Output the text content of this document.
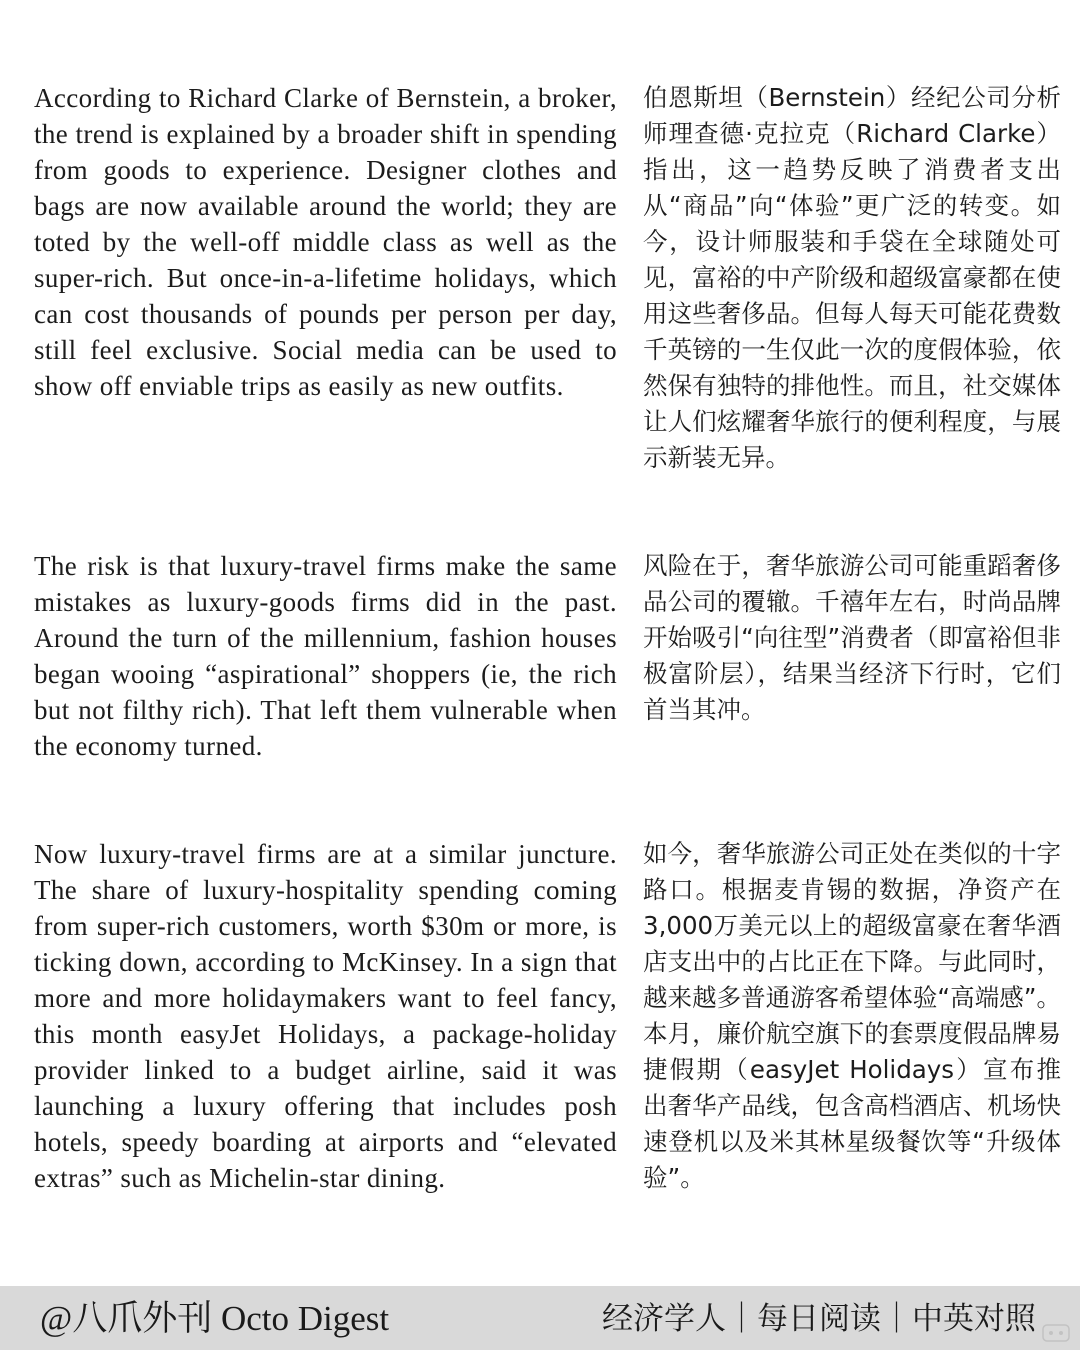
According to Richard Clarke of Bernstein, a broker, the trend is explained by a broader shift in spending from goods to experience. Designer clothes and bags are now available around the world; they are toted by the well-off middle class as well as the super-rich. But once-in-a-lifetime holidays, which can cost thousands of pounds per person per day, still feel exclusive. Social media can be used to show off enviable trips as easily as new outfits.

伯恩斯坦（Bernstein）经纪公司分析师理查德·克拉克（Richard Clarke）指出，这一趋势反映了消费者支出从“商品”向“体验”更广泛的转变。如今，设计师服装和手袋在全球随处可见，富裕的中产阶级和超级富豪都在使用这些奢侈品。但每人每天可能花费数千英镑的一生仅此一次的度假体验，依然保有独特的排他性。而且，社交媒体让人们炫耀奢华旅行的便利程度，与展示新装无异。

The risk is that luxury-travel firms make the same mistakes as luxury-goods firms did in the past. Around the turn of the millennium, fashion houses began wooing “aspirational” shoppers (ie, the rich but not filthy rich). That left them vulnerable when the economy turned.

风险在于，奢华旅游公司可能重蹈奢侈品公司的覆辙。千禧年左右，时尚品牌开始吸引“向往型”消费者（即富裕但非极富阶层），结果当经济下行时，它们首当其冲。

Now luxury-travel firms are at a similar juncture. The share of luxury-hospitality spending coming from super-rich customers, worth $30m or more, is ticking down, according to McKinsey. In a sign that more and more holidaymakers want to feel fancy, this month easyJet Holidays, a package-holiday provider linked to a budget airline, said it was launching a luxury offering that includes posh hotels, speedy boarding at airports and “elevated extras” such as Michelin-star dining.

如今，奢华旅游公司正处在类似的十字路口。根据麦肯锡的数据，净资产在3,000万美元以上的超级富豪在奢华酒店支出中的占比正在下降。与此同时，越来越多普通游客希望体验“高端感”。本月，廉价航空旗下的套票度假品牌易捷假期（easyJet Holidays）宣布推出奢华产品线，包含高档酒店、机场快速登机以及米其林星级餐饮等“升级体验”。

@八爪外刊 Octo Digest	经济学人｜每日阅读｜中英对照
